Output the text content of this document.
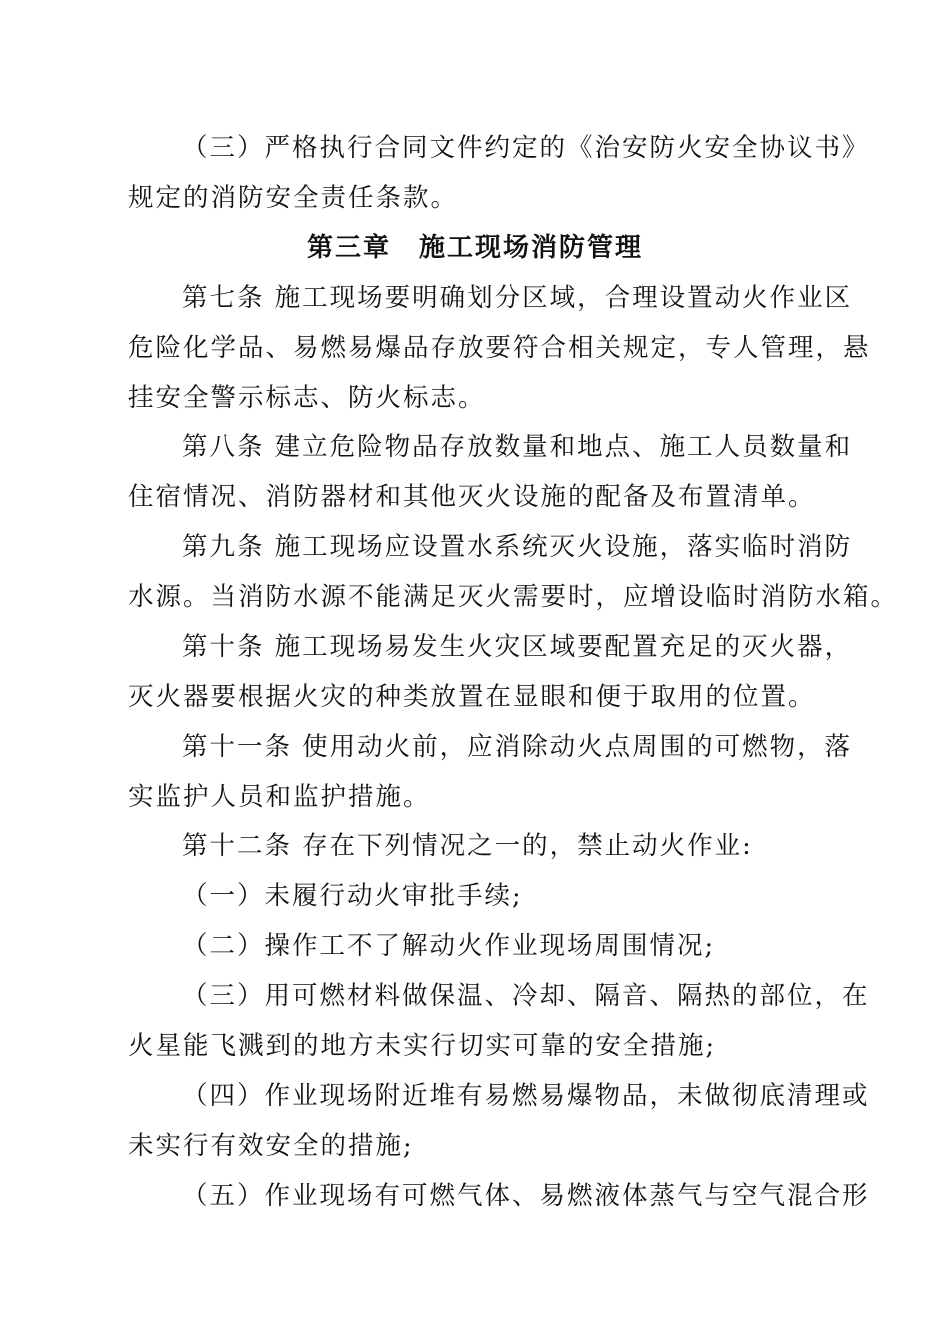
（三）严格执行合同文件约定的《治安防火安全协议书》
规定的消防安全责任条款。
第三章　施工现场消防管理
第七条 施工现场要明确划分区域，合理设置动火作业区
危险化学品、易燃易爆品存放要符合相关规定，专人管理，悬
挂安全警示标志、防火标志。
第八条 建立危险物品存放数量和地点、施工人员数量和
住宿情况、消防器材和其他灭火设施的配备及布置清单。
第九条 施工现场应设置水系统灭火设施，落实临时消防
水源。当消防水源不能满足灭火需要时，应增设临时消防水箱。
第十条 施工现场易发生火灾区域要配置充足的灭火器，
灭火器要根据火灾的种类放置在显眼和便于取用的位置。
第十一条 使用动火前，应消除动火点周围的可燃物，落
实监护人员和监护措施。
第十二条 存在下列情况之一的，禁止动火作业:
（一）未履行动火审批手续;
（二）操作工不了解动火作业现场周围情况;
（三）用可燃材料做保温、冷却、隔音、隔热的部位，在
火星能飞溅到的地方未实行切实可靠的安全措施;
（四）作业现场附近堆有易燃易爆物品，未做彻底清理或
未实行有效安全的措施;
（五）作业现场有可燃气体、易燃液体蒸气与空气混合形
